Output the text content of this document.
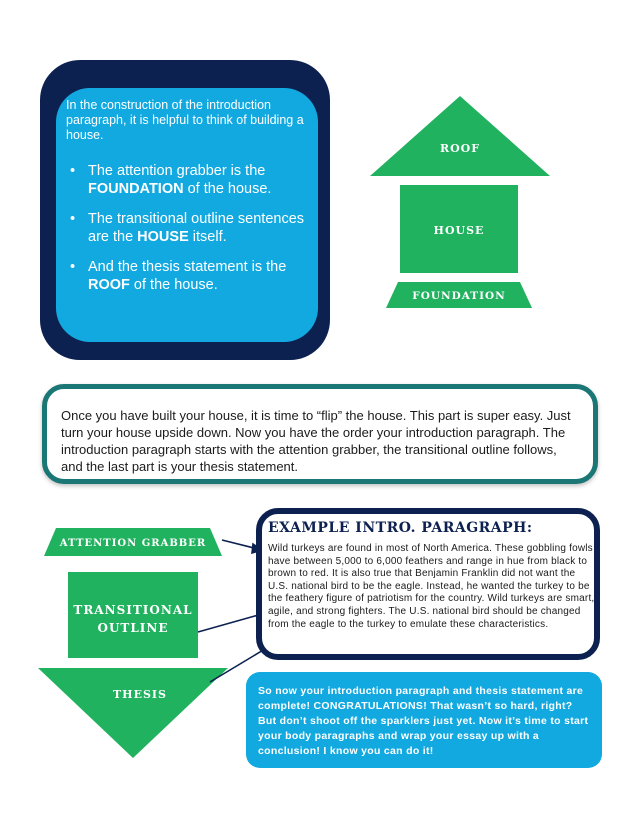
In the construction of the introduction paragraph, it is helpful to think of building a house.
• The attention grabber is the FOUNDATION of the house.
• The transitional outline sentences are the HOUSE itself.
• And the thesis statement is the ROOF of the house.
ROOF
HOUSE
FOUNDATION
ATTENTION GRABBER
TRANSITIONAL
OUTLINE
THESIS
Once you have built your house, it is time to “flip” the house. This part is super easy. Just turn your house upside down. Now you have the order your introduction paragraph. The introduction paragraph starts with the attention grabber, the transitional outline follows, and the last part is your thesis statement.
EXAMPLE INTRO. PARAGRAPH:
Wild turkeys are found in most of North America. These gobbling fowls have between 5,000 to 6,000 feathers and range in hue from black to brown to red. It is also true that Benjamin Franklin did not want the U.S. national bird to be the eagle. Instead, he wanted the turkey to be the feathery figure of patriotism for the country. Wild turkeys are smart, agile, and strong fighters. The U.S. national bird should be changed from the eagle to the turkey to emulate these characteristics.
So now your introduction paragraph and thesis statement are complete! CONGRATULATIONS! That wasn’t so hard, right? But don’t shoot off the sparklers just yet. Now it’s time to start your body paragraphs and wrap your essay up with a conclusion! I know you can do it!
